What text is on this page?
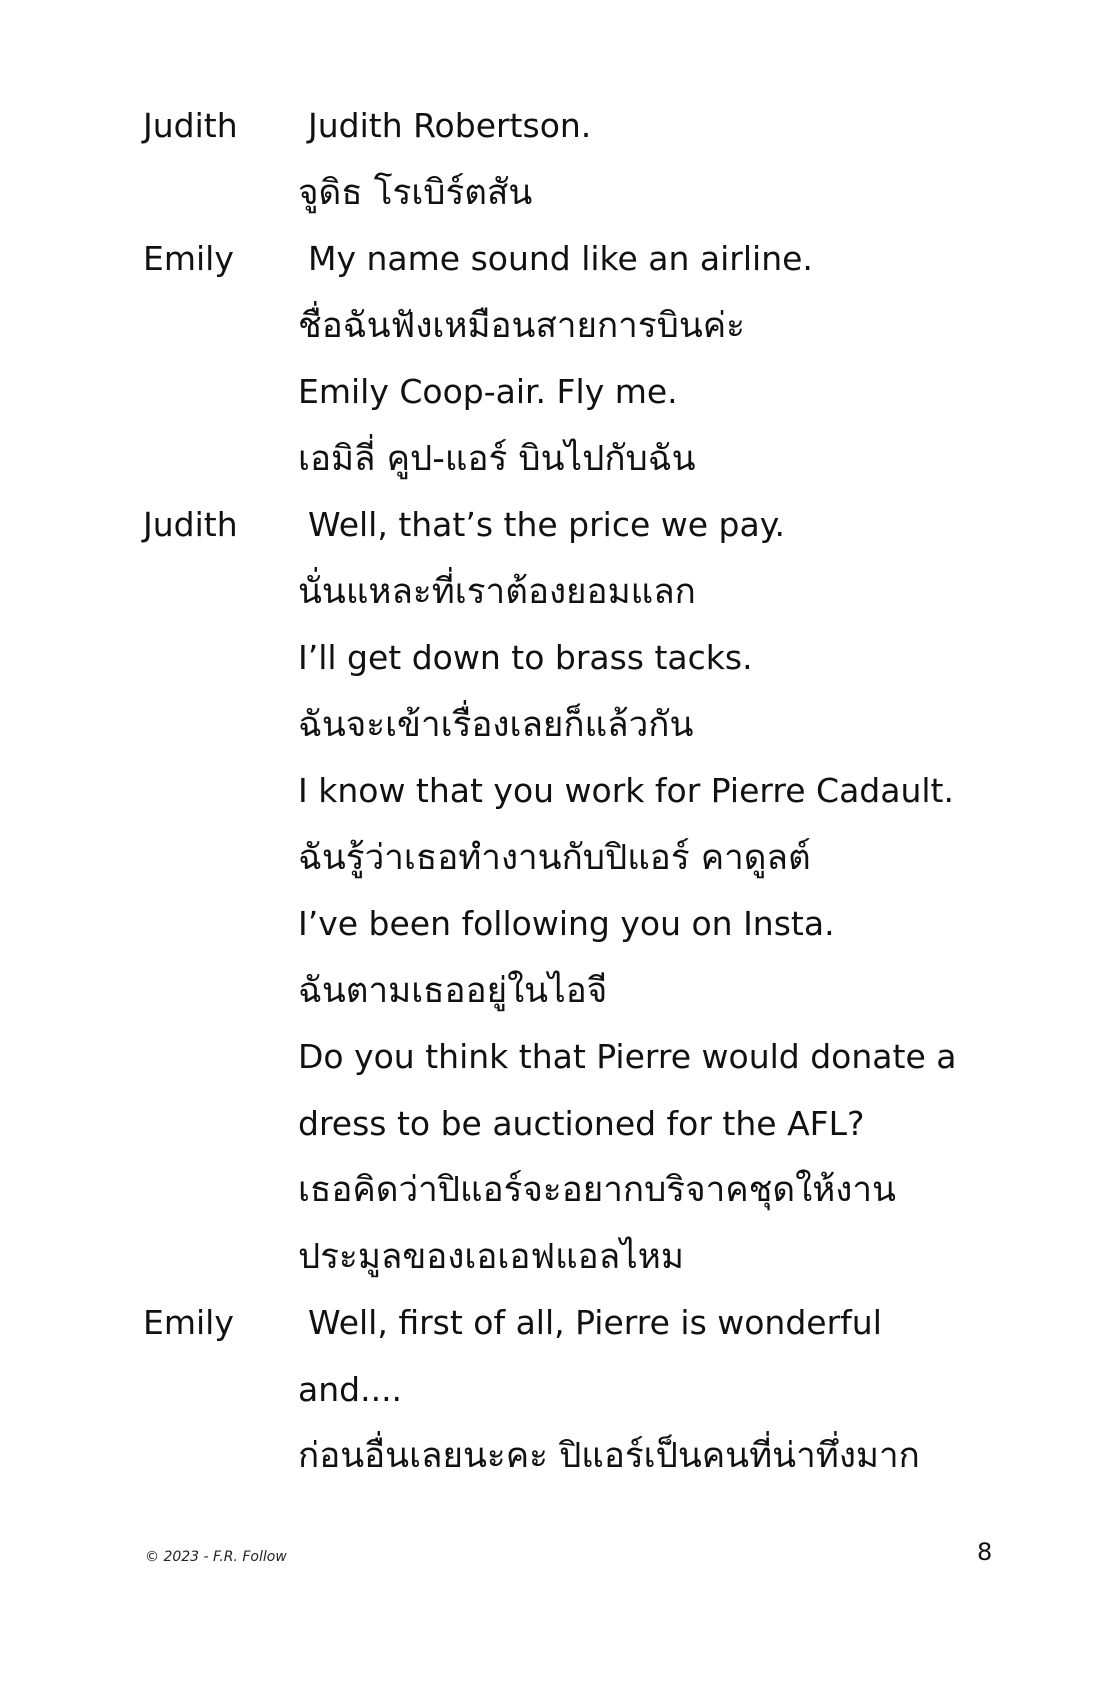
Judith Judith Robertson.
จูดิธ โรเบิร์ตสัน
Emily My name sound like an airline.
ชื่อฉันฟังเหมือนสายการบินค่ะ
Emily Coop-air. Fly me.
เอมิลี่ คูป-แอร์ บินไปกับฉัน
Judith Well, that’s the price we pay.
นั่นแหละที่เราต้องยอมแลก
I’ll get down to brass tacks.
ฉันจะเข้าเรื่องเลยก็แล้วกัน
I know that you work for Pierre Cadault.
ฉันรู้ว่าเธอทำงานกับปิแอร์ คาดูลต์
I’ve been following you on Insta.
ฉันตามเธออยู่ในไอจี
Do you think that Pierre would donate a
dress to be auctioned for the AFL?
เธอคิดว่าปิแอร์จะอยากบริจาคชุดให้งาน
ประมูลของเอเอฟแอลไหม
Emily Well, first of all, Pierre is wonderful
and....
ก่อนอื่นเลยนะคะ ปิแอร์เป็นคนที่น่าทึ่งมาก
© 2023 - F.R. Follow	8
